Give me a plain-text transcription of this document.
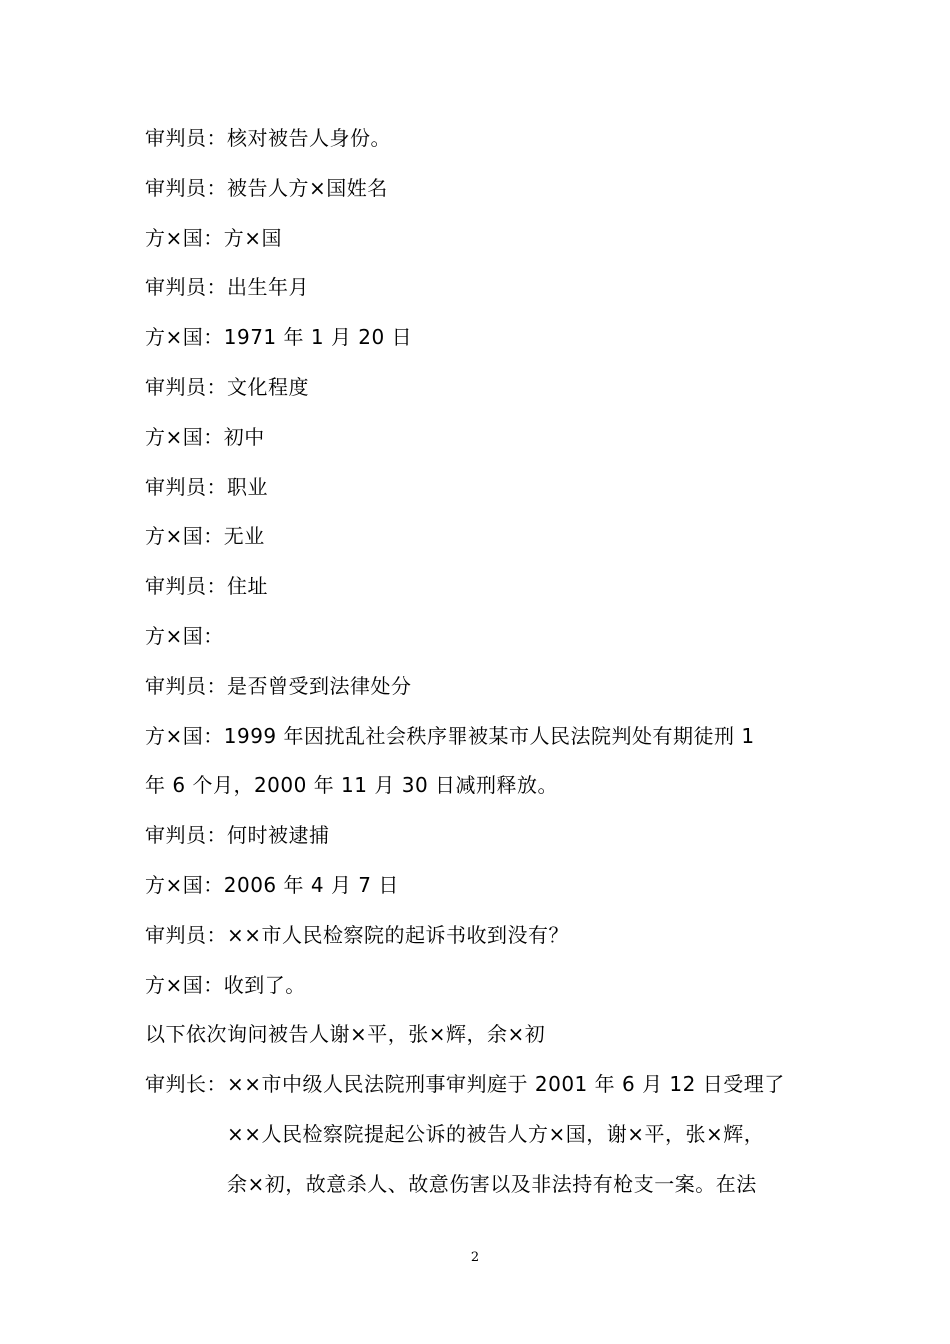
审判员：核对被告人身份。
审判员：被告人方×国姓名
方×国：方×国
审判员：出生年月
方×国：1971 年 1 月 20 日
审判员：文化程度
方×国：初中
审判员：职业
方×国：无业
审判员：住址
方×国：
审判员：是否曾受到法律处分
方×国：1999 年因扰乱社会秩序罪被某市人民法院判处有期徒刑 1
年 6 个月，2000 年 11 月 30 日减刑释放。
审判员：何时被逮捕
方×国：2006 年 4 月 7 日
审判员：××市人民检察院的起诉书收到没有？
方×国：收到了。
以下依次询问被告人谢×平，张×辉，余×初
审判长： ××市中级人民法院刑事审判庭于 2001 年 6 月 12 日受理了
××人民检察院提起公诉的被告人方×国，谢×平，张×辉，
余×初，故意杀人、故意伤害以及非法持有枪支一案。在法
2
